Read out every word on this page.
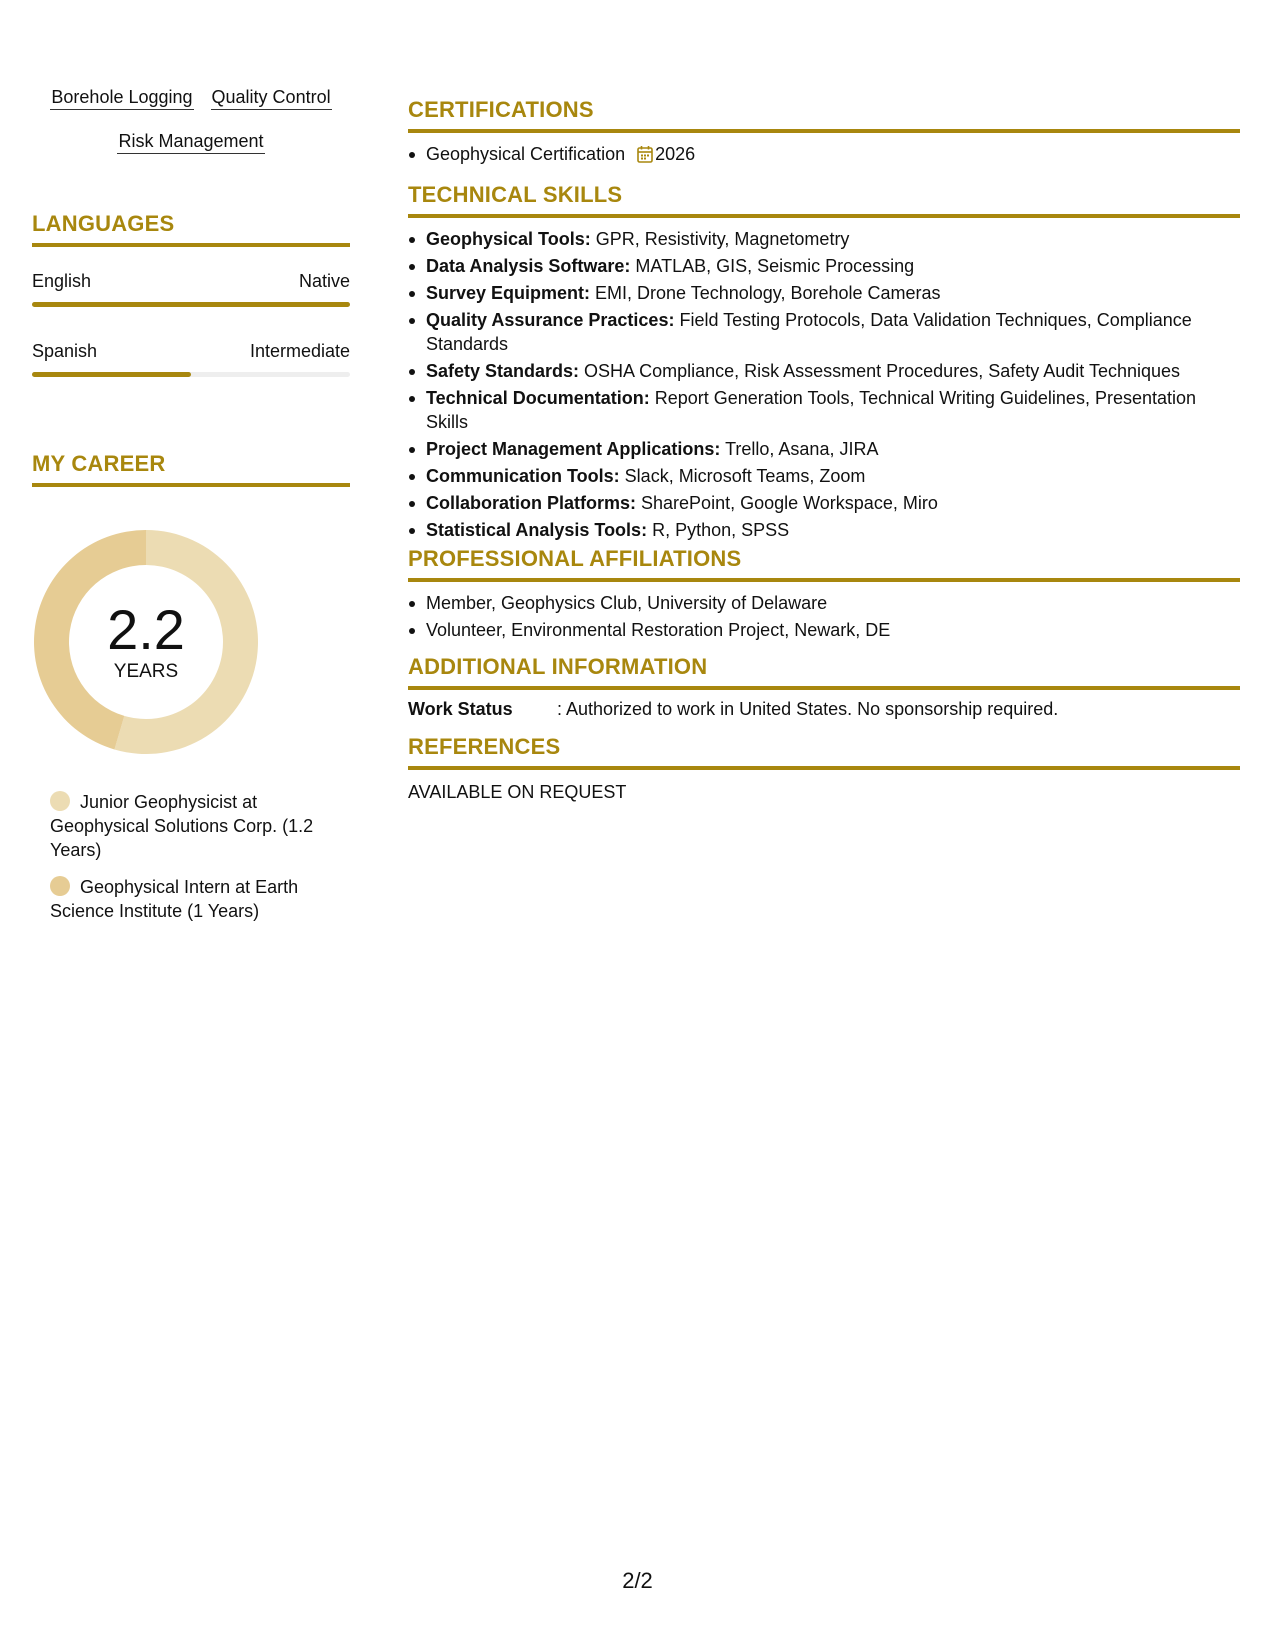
Borehole Logging Quality Control
Risk Management
LANGUAGES
English	Native
Spanish	Intermediate
MY CAREER
2.2
YEARS
Junior Geophysicist at Geophysical Solutions Corp. (1.2 Years)
Geophysical Intern at Earth Science Institute (1 Years)
CERTIFICATIONS
Geophysical Certification 2026
TECHNICAL SKILLS
Geophysical Tools: GPR, Resistivity, Magnetometry
Data Analysis Software: MATLAB, GIS, Seismic Processing
Survey Equipment: EMI, Drone Technology, Borehole Cameras
Quality Assurance Practices: Field Testing Protocols, Data Validation Techniques, Compliance Standards
Safety Standards: OSHA Compliance, Risk Assessment Procedures, Safety Audit Techniques
Technical Documentation: Report Generation Tools, Technical Writing Guidelines, Presentation Skills
Project Management Applications: Trello, Asana, JIRA
Communication Tools: Slack, Microsoft Teams, Zoom
Collaboration Platforms: SharePoint, Google Workspace, Miro
Statistical Analysis Tools: R, Python, SPSS
PROFESSIONAL AFFILIATIONS
Member, Geophysics Club, University of Delaware
Volunteer, Environmental Restoration Project, Newark, DE
ADDITIONAL INFORMATION
Work Status	: Authorized to work in United States. No sponsorship required.
REFERENCES
AVAILABLE ON REQUEST
2/2
